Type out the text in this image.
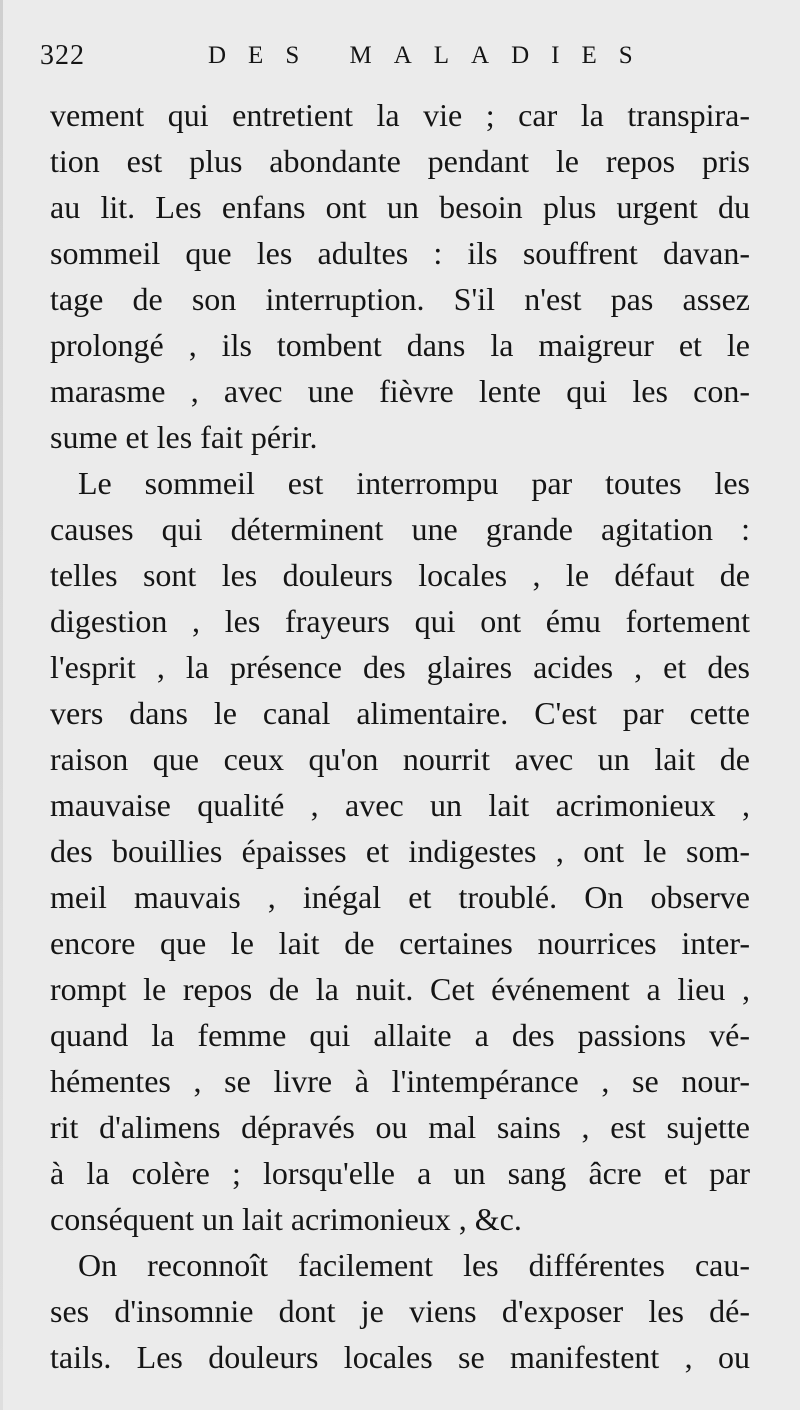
322	DES MALADIES
vement qui entretient la vie ; car la transpira-
tion est plus abondante pendant le repos pris
au lit. Les enfans ont un besoin plus urgent du
sommeil que les adultes : ils souffrent davan-
tage de son interruption. S'il n'est pas assez
prolongé , ils tombent dans la maigreur et le
marasme , avec une fièvre lente qui les con-
sume et les fait périr.
Le sommeil est interrompu par toutes les
causes qui déterminent une grande agitation :
telles sont les douleurs locales , le défaut de
digestion , les frayeurs qui ont ému fortement
l'esprit , la présence des glaires acides , et des
vers dans le canal alimentaire. C'est par cette
raison que ceux qu'on nourrit avec un lait de
mauvaise qualité , avec un lait acrimonieux ,
des bouillies épaisses et indigestes , ont le som-
meil mauvais , inégal et troublé. On observe
encore que le lait de certaines nourrices inter-
rompt le repos de la nuit. Cet événement a lieu ,
quand la femme qui allaite a des passions vé-
hémentes , se livre à l'intempérance , se nour-
rit d'alimens dépravés ou mal sains , est sujette
à la colère ; lorsqu'elle a un sang âcre et par
conséquent un lait acrimonieux , &c.
On reconnoît facilement les différentes cau-
ses d'insomnie dont je viens d'exposer les dé-
tails. Les douleurs locales se manifestent , ou
